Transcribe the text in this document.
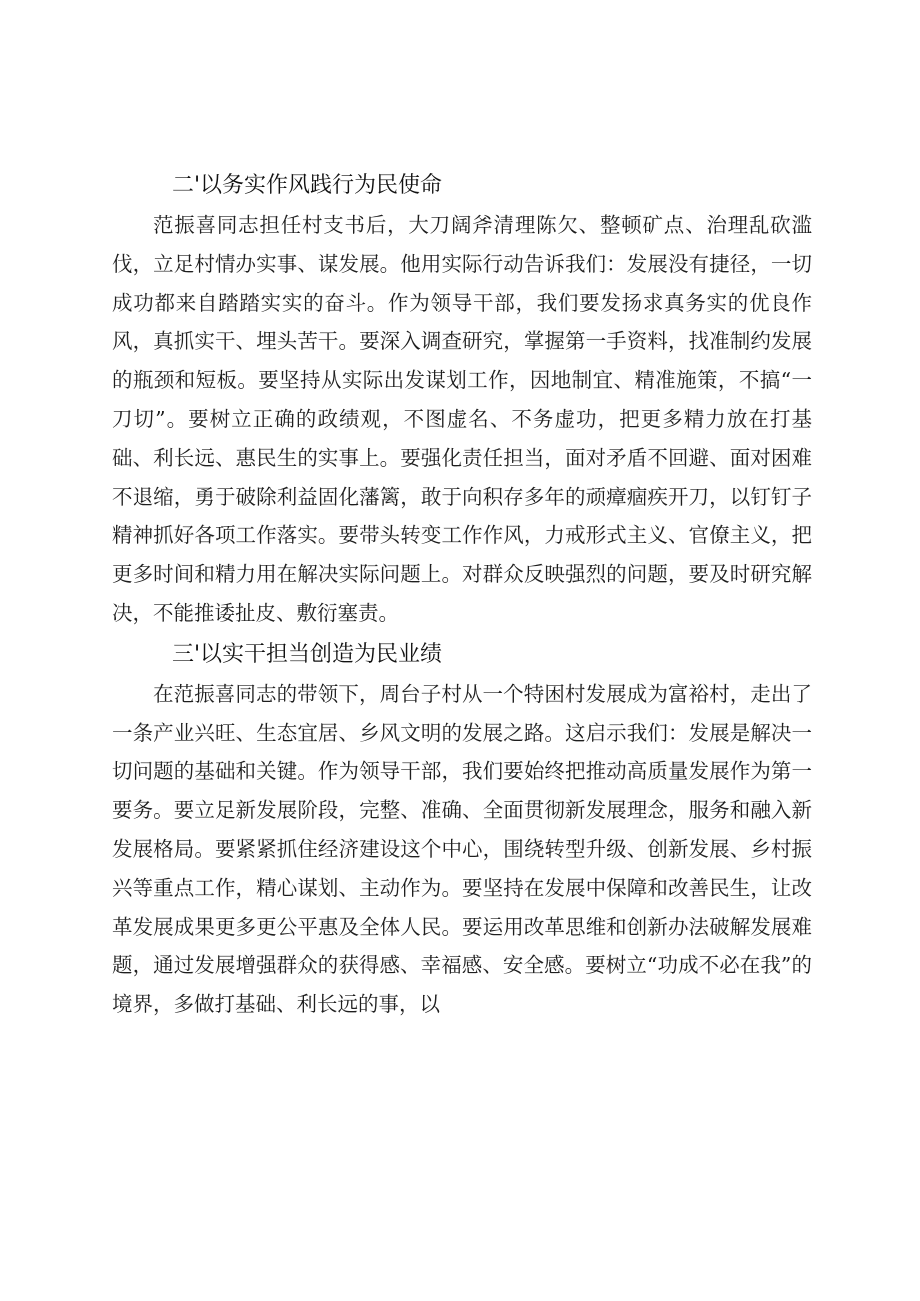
二'以务实作风践行为民使命

范振喜同志担任村支书后，大刀阔斧清理陈欠、整顿矿点、治理乱砍滥伐，立足村情办实事、谋发展。他用实际行动告诉我们：发展没有捷径，一切成功都来自踏踏实实的奋斗。作为领导干部，我们要发扬求真务实的优良作风，真抓实干、埋头苦干。要深入调查研究，掌握第一手资料，找准制约发展的瓶颈和短板。要坚持从实际出发谋划工作，因地制宜、精准施策，不搞“一刀切”。要树立正确的政绩观，不图虚名、不务虚功，把更多精力放在打基础、利长远、惠民生的实事上。要强化责任担当，面对矛盾不回避、面对困难不退缩，勇于破除利益固化藩篱，敢于向积存多年的顽瘴痼疾开刀，以钉钉子精神抓好各项工作落实。要带头转变工作作风，力戒形式主义、官僚主义，把更多时间和精力用在解决实际问题上。对群众反映强烈的问题，要及时研究解决，不能推诿扯皮、敷衍塞责。

三'以实干担当创造为民业绩

在范振喜同志的带领下，周台子村从一个特困村发展成为富裕村，走出了一条产业兴旺、生态宜居、乡风文明的发展之路。这启示我们：发展是解决一切问题的基础和关键。作为领导干部，我们要始终把推动高质量发展作为第一要务。要立足新发展阶段，完整、准确、全面贯彻新发展理念，服务和融入新发展格局。要紧紧抓住经济建设这个中心，围绕转型升级、创新发展、乡村振兴等重点工作，精心谋划、主动作为。要坚持在发展中保障和改善民生，让改革发展成果更多更公平惠及全体人民。要运用改革思维和创新办法破解发展难题，通过发展增强群众的获得感、幸福感、安全感。要树立“功成不必在我”的境界，多做打基础、利长远的事，以
